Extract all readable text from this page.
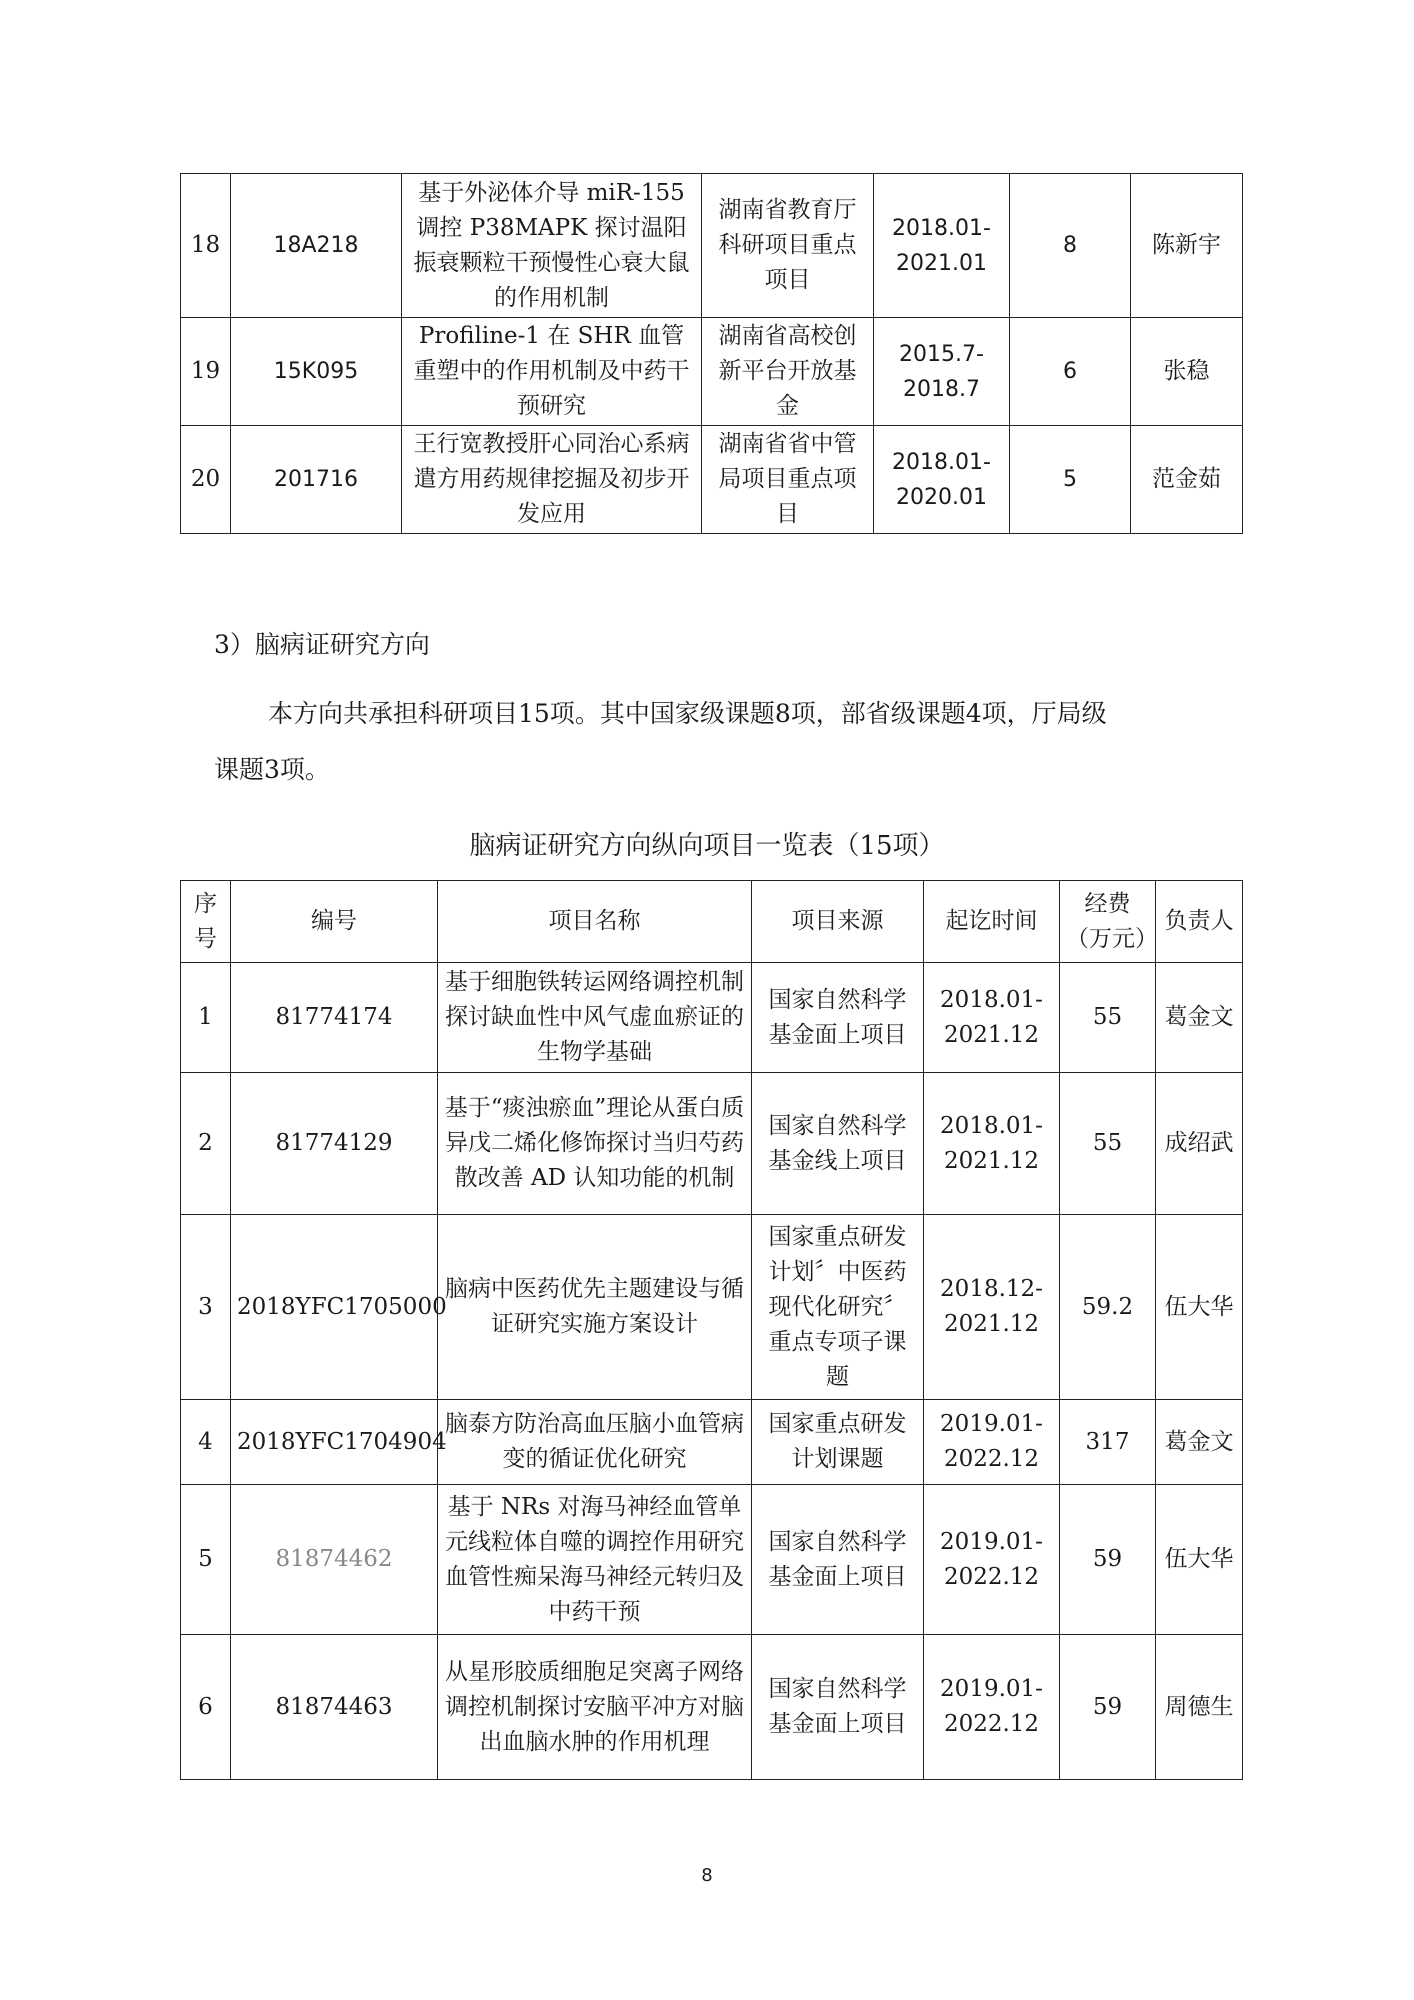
18	18A218	基于外泌体介导 miR-155 调控 P38MAPK 探讨温阳振衰颗粒干预慢性心衰大鼠的作用机制	湖南省教育厅科研项目重点项目	2018.01-2021.01	8	陈新宇
19	15K095	Profiline-1 在 SHR 血管重塑中的作用机制及中药干预研究	湖南省高校创新平台开放基金	2015.7-2018.7	6	张稳
20	201716	王行宽教授肝心同治心系病遣方用药规律挖掘及初步开发应用	湖南省省中管局项目重点项目	2018.01-2020.01	5	范金茹
3）脑病证研究方向

本方向共承担科研项目15项。其中国家级课题8项，部省级课题4项，厅局级
课题3项。

脑病证研究方向纵向项目一览表（15项）
序号	编号	项目名称	项目来源	起讫时间	经费（万元）	负责人
1	81774174	基于细胞铁转运网络调控机制探讨缺血性中风气虚血瘀证的生物学基础	国家自然科学基金面上项目	2018.01-2021.12	55	葛金文
2	81774129	基于“痰浊瘀血”理论从蛋白质异戊二烯化修饰探讨当归芍药散改善 AD 认知功能的机制	国家自然科学基金线上项目	2018.01-2021.12	55	成绍武
3	2018YFC1705000	脑病中医药优先主题建设与循证研究实施方案设计	国家重点研发计划〞中医药现代化研究〞重点专项子课题	2018.12-2021.12	59.2	伍大华
4	2018YFC1704904	脑泰方防治高血压脑小血管病变的循证优化研究	国家重点研发计划课题	2019.01-2022.12	317	葛金文
5	81874462	基于 NRs 对海马神经血管单元线粒体自噬的调控作用研究血管性痴呆海马神经元转归及中药干预	国家自然科学基金面上项目	2019.01-2022.12	59	伍大华
6	81874463	从星形胶质细胞足突离子网络调控机制探讨安脑平冲方对脑出血脑水肿的作用机理	国家自然科学基金面上项目	2019.01-2022.12	59	周德生
8
